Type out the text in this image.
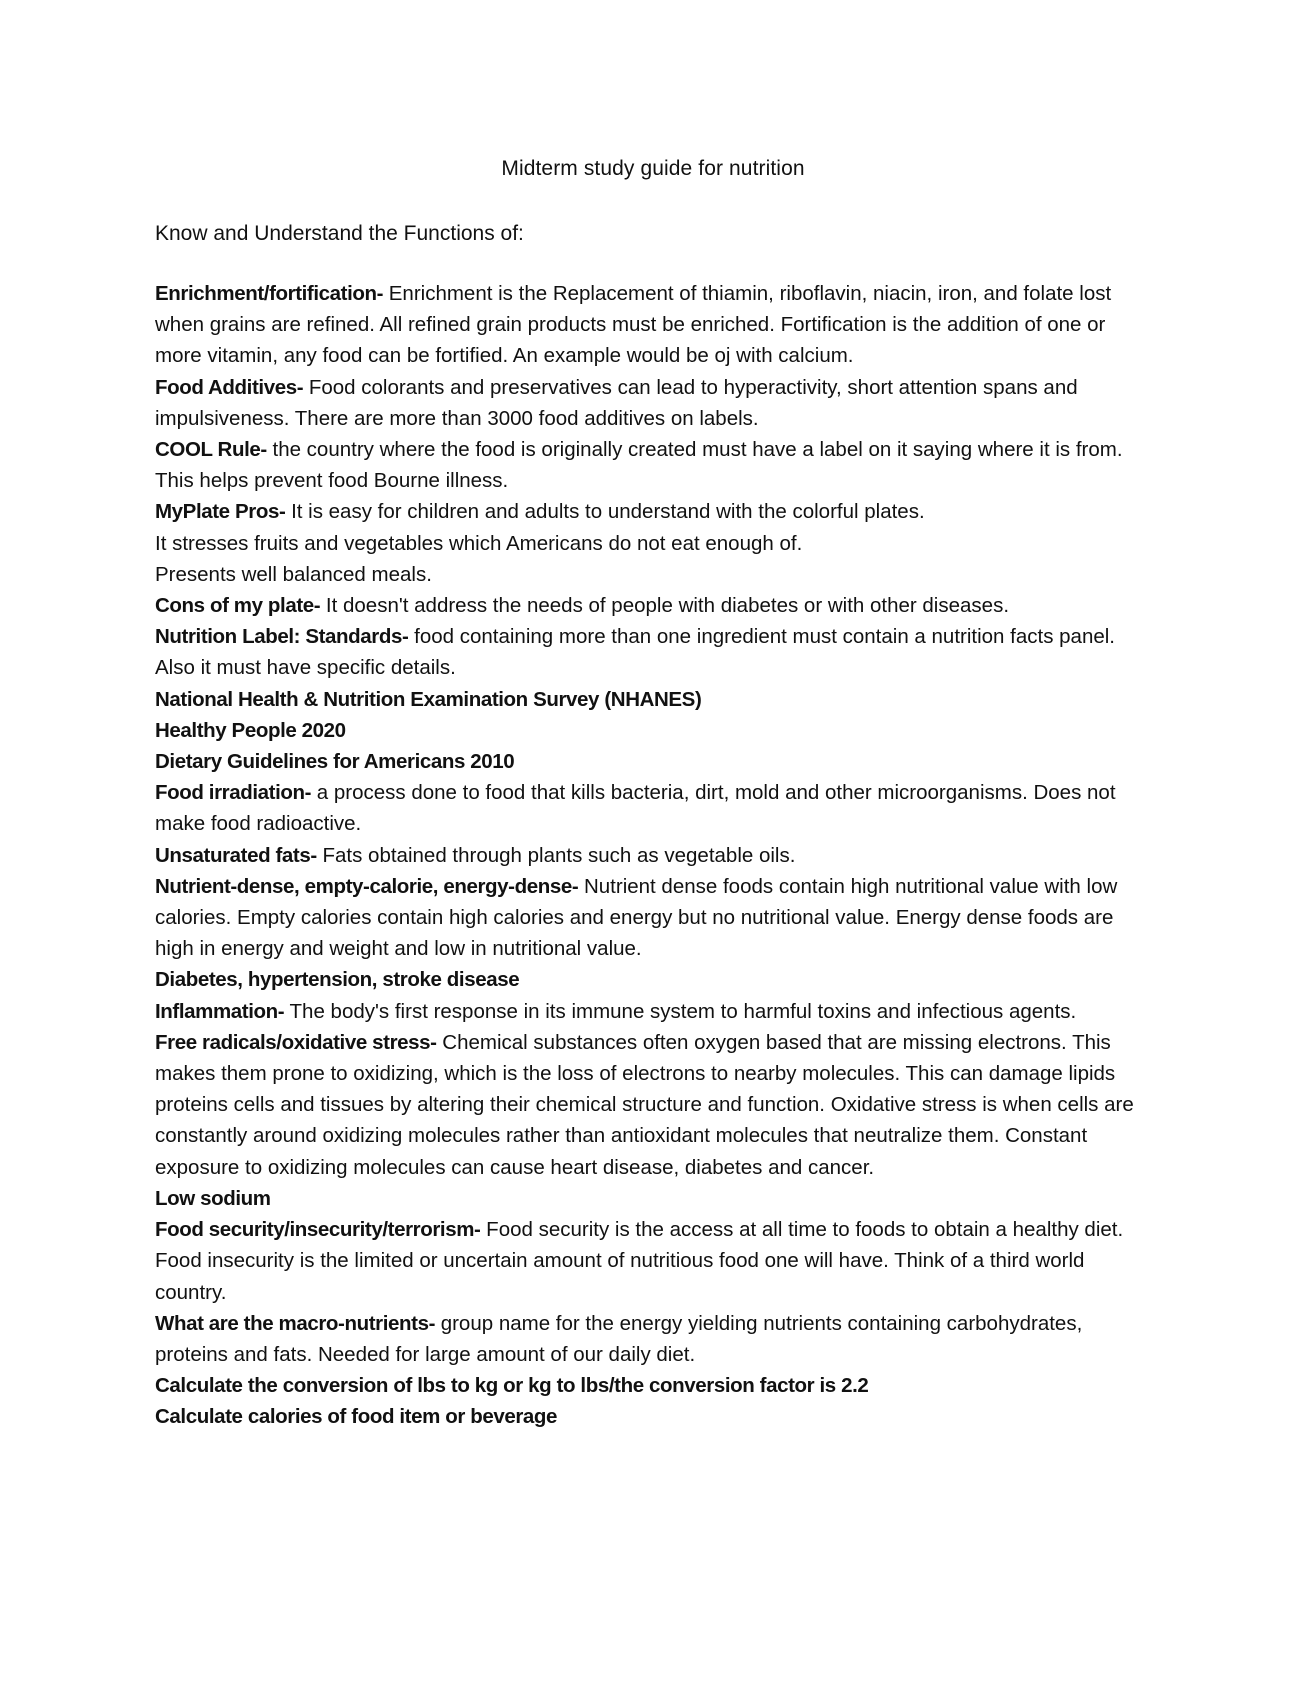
Midterm study guide for nutrition
Know and Understand the Functions of:
Enrichment/fortification- Enrichment is the Replacement of thiamin, riboflavin, niacin, iron, and folate lost when grains are refined. All refined grain products must be enriched. Fortification is the addition of one or more vitamin, any food can be fortified. An example would be oj with calcium.
Food Additives- Food colorants and preservatives can lead to hyperactivity, short attention spans and impulsiveness. There are more than 3000 food additives on labels.
COOL Rule- the country where the food is originally created must have a label on it saying where it is from. This helps prevent food Bourne illness.
MyPlate Pros- It is easy for children and adults to understand with the colorful plates.
It stresses fruits and vegetables which Americans do not eat enough of.
Presents well balanced meals.
Cons of my plate- It doesn't address the needs of people with diabetes or with other diseases.
Nutrition Label: Standards- food containing more than one ingredient must contain a nutrition facts panel. Also it must have specific details.
National Health & Nutrition Examination Survey (NHANES)
Healthy People 2020
Dietary Guidelines for Americans 2010
Food irradiation- a process done to food that kills bacteria, dirt, mold and other microorganisms. Does not make food radioactive.
Unsaturated fats- Fats obtained through plants such as vegetable oils.
Nutrient-dense, empty-calorie, energy-dense- Nutrient dense foods contain high nutritional value with low calories. Empty calories contain high calories and energy but no nutritional value. Energy dense foods are high in energy and weight and low in nutritional value.
Diabetes, hypertension, stroke disease
Inflammation- The body's first response in its immune system to harmful toxins and infectious agents.
Free radicals/oxidative stress- Chemical substances often oxygen based that are missing electrons. This makes them prone to oxidizing, which is the loss of electrons to nearby molecules. This can damage lipids proteins cells and tissues by altering their chemical structure and function. Oxidative stress is when cells are constantly around oxidizing molecules rather than antioxidant molecules that neutralize them. Constant exposure to oxidizing molecules can cause heart disease, diabetes and cancer.
Low sodium
Food security/insecurity/terrorism- Food security is the access at all time to foods to obtain a healthy diet. Food insecurity is the limited or uncertain amount of nutritious food one will have. Think of a third world country.
What are the macro-nutrients- group name for the energy yielding nutrients containing carbohydrates, proteins and fats. Needed for large amount of our daily diet.
Calculate the conversion of lbs to kg or kg to lbs/the conversion factor is 2.2
Calculate calories of food item or beverage
